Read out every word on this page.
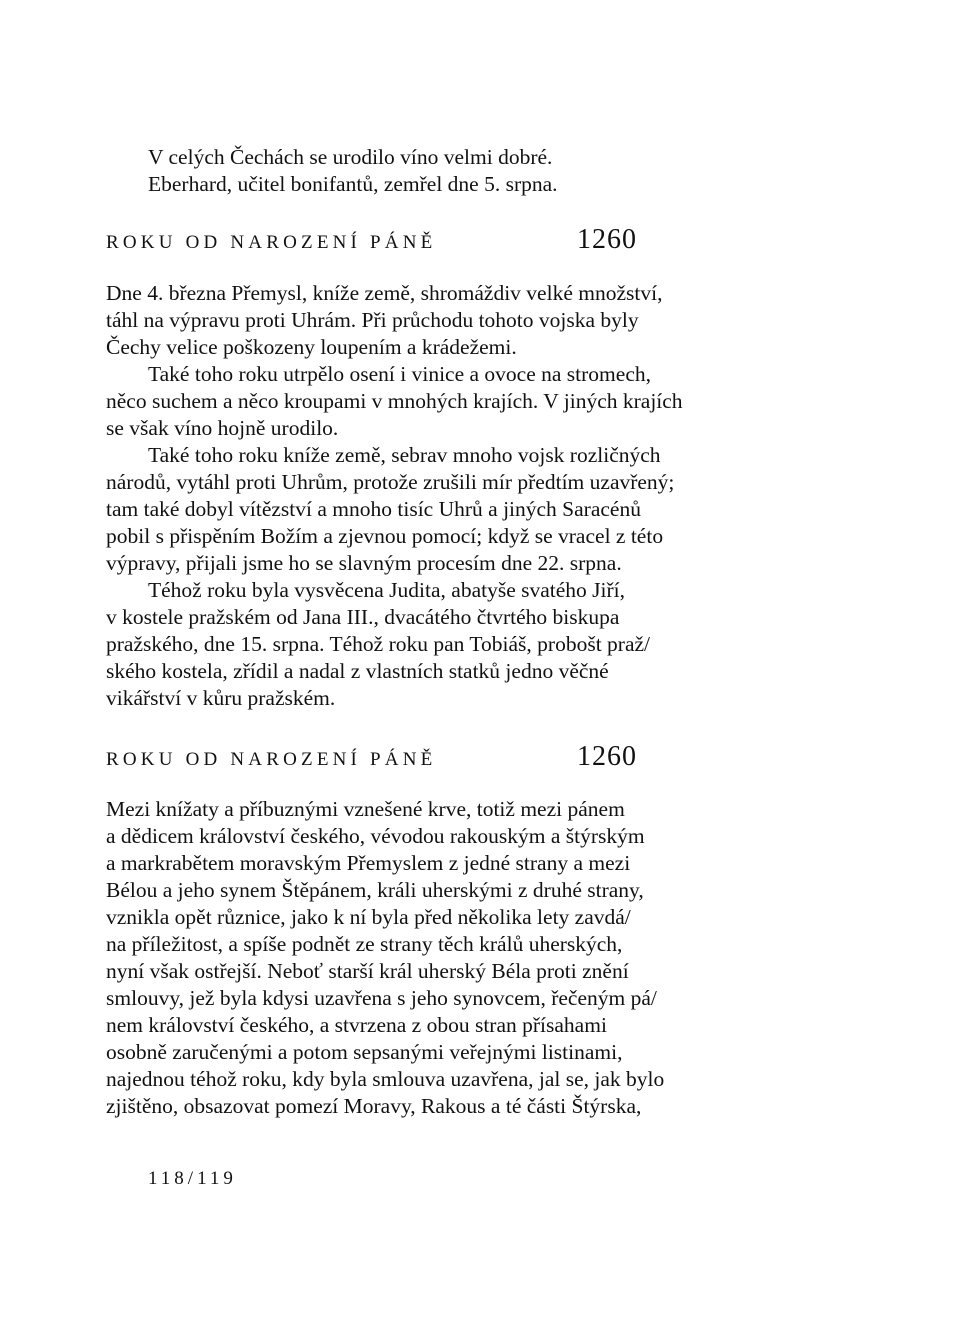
V celých Čechách se urodilo víno velmi dobré.

Eberhard, učitel bonifantů, zemřel dne 5. srpna.

ROKU OD NAROZENÍ PÁNĚ	1260

Dne 4. března Přemysl, kníže země, shromáždiv velké množství,

táhl na výpravu proti Uhrám. Při průchodu tohoto vojska byly

Čechy velice poškozeny loupením a krádežemi.

Také toho roku utrpělo osení i vinice a ovoce na stromech,

něco suchem a něco kroupami v mnohých krajích. V jiných krajích

se však víno hojně urodilo.

Také toho roku kníže země, sebrav mnoho vojsk rozličných

národů, vytáhl proti Uhrům, protože zrušili mír předtím uzavřený;

tam také dobyl vítězství a mnoho tisíc Uhrů a jiných Saracénů

pobil s přispěním Božím a zjevnou pomocí; když se vracel z této

výpravy, přijali jsme ho se slavným procesím dne 22. srpna.

Téhož roku byla vysvěcena Judita, abatyše svatého Jiří,

v kostele pražském od Jana III., dvacátého čtvrtého biskupa

pražského, dne 15. srpna. Téhož roku pan Tobiáš, probošt praž/

ského kostela, zřídil a nadal z vlastních statků jedno věčné

vikářství v kůru pražském.

ROKU OD NAROZENÍ PÁNĚ	1260

Mezi knížaty a příbuznými vznešené krve, totiž mezi pánem

a dědicem království českého, vévodou rakouským a štýrským

a markrabětem moravským Přemyslem z jedné strany a mezi

Bélou a jeho synem Štěpánem, králi uherskými z druhé strany,

vznikla opět různice, jako k ní byla před několika lety zavdá/

na příležitost, a spíše podnět ze strany těch králů uherských,

nyní však ostřejší. Neboť starší král uherský Béla proti znění

smlouvy, jež byla kdysi uzavřena s jeho synovcem, řečeným pá/

nem království českého, a stvrzena z obou stran přísahami

osobně zaručenými a potom sepsanými veřejnými listinami,

najednou téhož roku, kdy byla smlouva uzavřena, jal se, jak bylo

zjištěno, obsazovat pomezí Moravy, Rakous a té části Štýrska,

118/119
